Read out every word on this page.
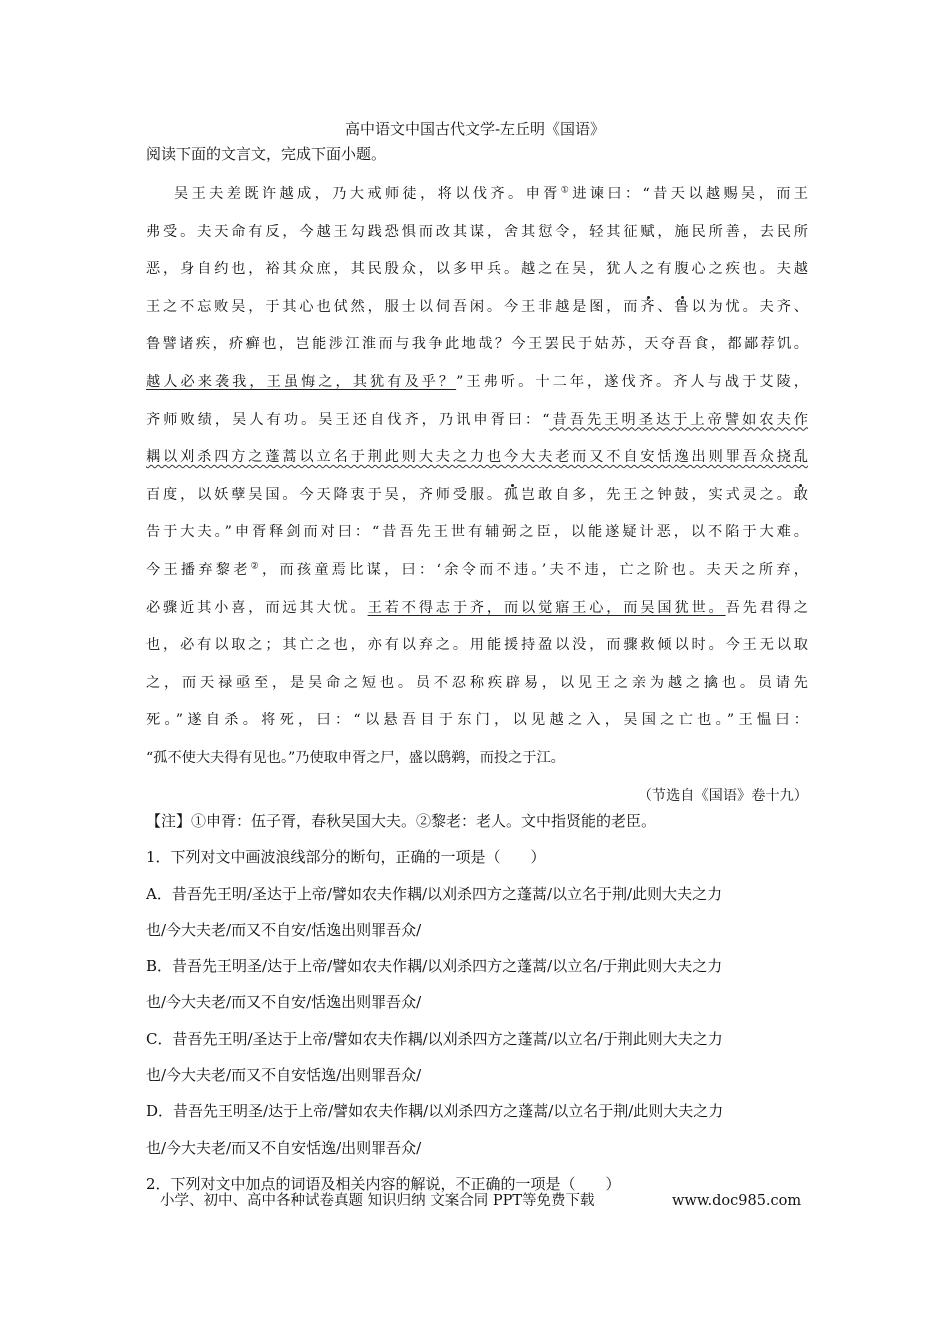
高中语文中国古代文学-左丘明《国语》
阅读下面的文言文，完成下面小题。
吴王夫差既许越成，乃大戒师徒，将以伐齐。申胥①进谏曰：“昔天以越赐吴，而王
弗受。夫天命有反，今越王勾践恐惧而改其谋，舍其愆令，轻其征赋，施民所善，去民所
恶，身自约也，裕其众庶，其民殷众，以多甲兵。越之在吴，犹人之有腹心之疾也。夫越
王之不忘败吴，于其心也侙然，服士以伺吾闲。今王非越是图，而齐、鲁以为忧。夫齐、
鲁譬诸疾，疥癣也，岂能涉江淮而与我争此地哉？今王罢民于姑苏，天夺吾食，都鄙荐饥。
越人必来袭我，王虽悔之，其犹有及乎？”王弗听。十二年，遂伐齐。齐人与战于艾陵，
齐师败绩，吴人有功。吴王还自伐齐，乃讯申胥曰：“昔吾先王明圣达于上帝譬如农夫作
耦以刈杀四方之蓬蒿以立名于荆此则大夫之力也今大夫老而又不自安恬逸出则罪吾众挠乱
百度，以妖孽吴国。今天降衷于吴，齐师受服。孤岂敢自多，先王之钟鼓，实式灵之。敢
告于大夫。”申胥释剑而对曰：“昔吾先王世有辅弼之臣，以能遂疑计恶，以不陷于大难。
今王播弃黎老②，而孩童焉比谋，曰：‘余令而不违。’夫不违，亡之阶也。夫天之所弃，
必骤近其小喜，而远其大忧。王若不得志于齐，而以觉寤王心，而吴国犹世。吾先君得之
也，必有以取之；其亡之也，亦有以弃之。用能援持盈以没，而骤救倾以时。今王无以取
之，而天禄亟至，是吴命之短也。员不忍称疾辟易，以见王之亲为越之擒也。员请先
死。”遂自杀。将死，曰：“以悬吾目于东门，以见越之入，吴国之亡也。”王愠曰：
“孤不使大夫得有见也。”乃使取申胥之尸，盛以鸱鹈，而投之于江。
（节选自《国语》卷十九）
【注】①申胥：伍子胥，春秋吴国大夫。②黎老：老人。文中指贤能的老臣。
1．下列对文中画波浪线部分的断句，正确的一项是（　　）
A．昔吾先王明/圣达于上帝/譬如农夫作耦/以刈杀四方之蓬蒿/以立名于荆/此则大夫之力
也/今大夫老/而又不自安/恬逸出则罪吾众/
B．昔吾先王明圣/达于上帝/譬如农夫作耦/以刈杀四方之蓬蒿/以立名/于荆此则大夫之力
也/今大夫老/而又不自安/恬逸出则罪吾众/
C．昔吾先王明/圣达于上帝/譬如农夫作耦/以刈杀四方之蓬蒿/以立名/于荆此则大夫之力
也/今大夫老/而又不自安恬逸/出则罪吾众/
D．昔吾先王明圣/达于上帝/譬如农夫作耦/以刈杀四方之蓬蒿/以立名于荆/此则大夫之力
也/今大夫老/而又不自安恬逸/出则罪吾众/
2．下列对文中加点的词语及相关内容的解说，不正确的一项是（　　）
小学、初中、高中各种试卷真题 知识归纳 文案合同 PPT等免费下载	www.doc985.com
